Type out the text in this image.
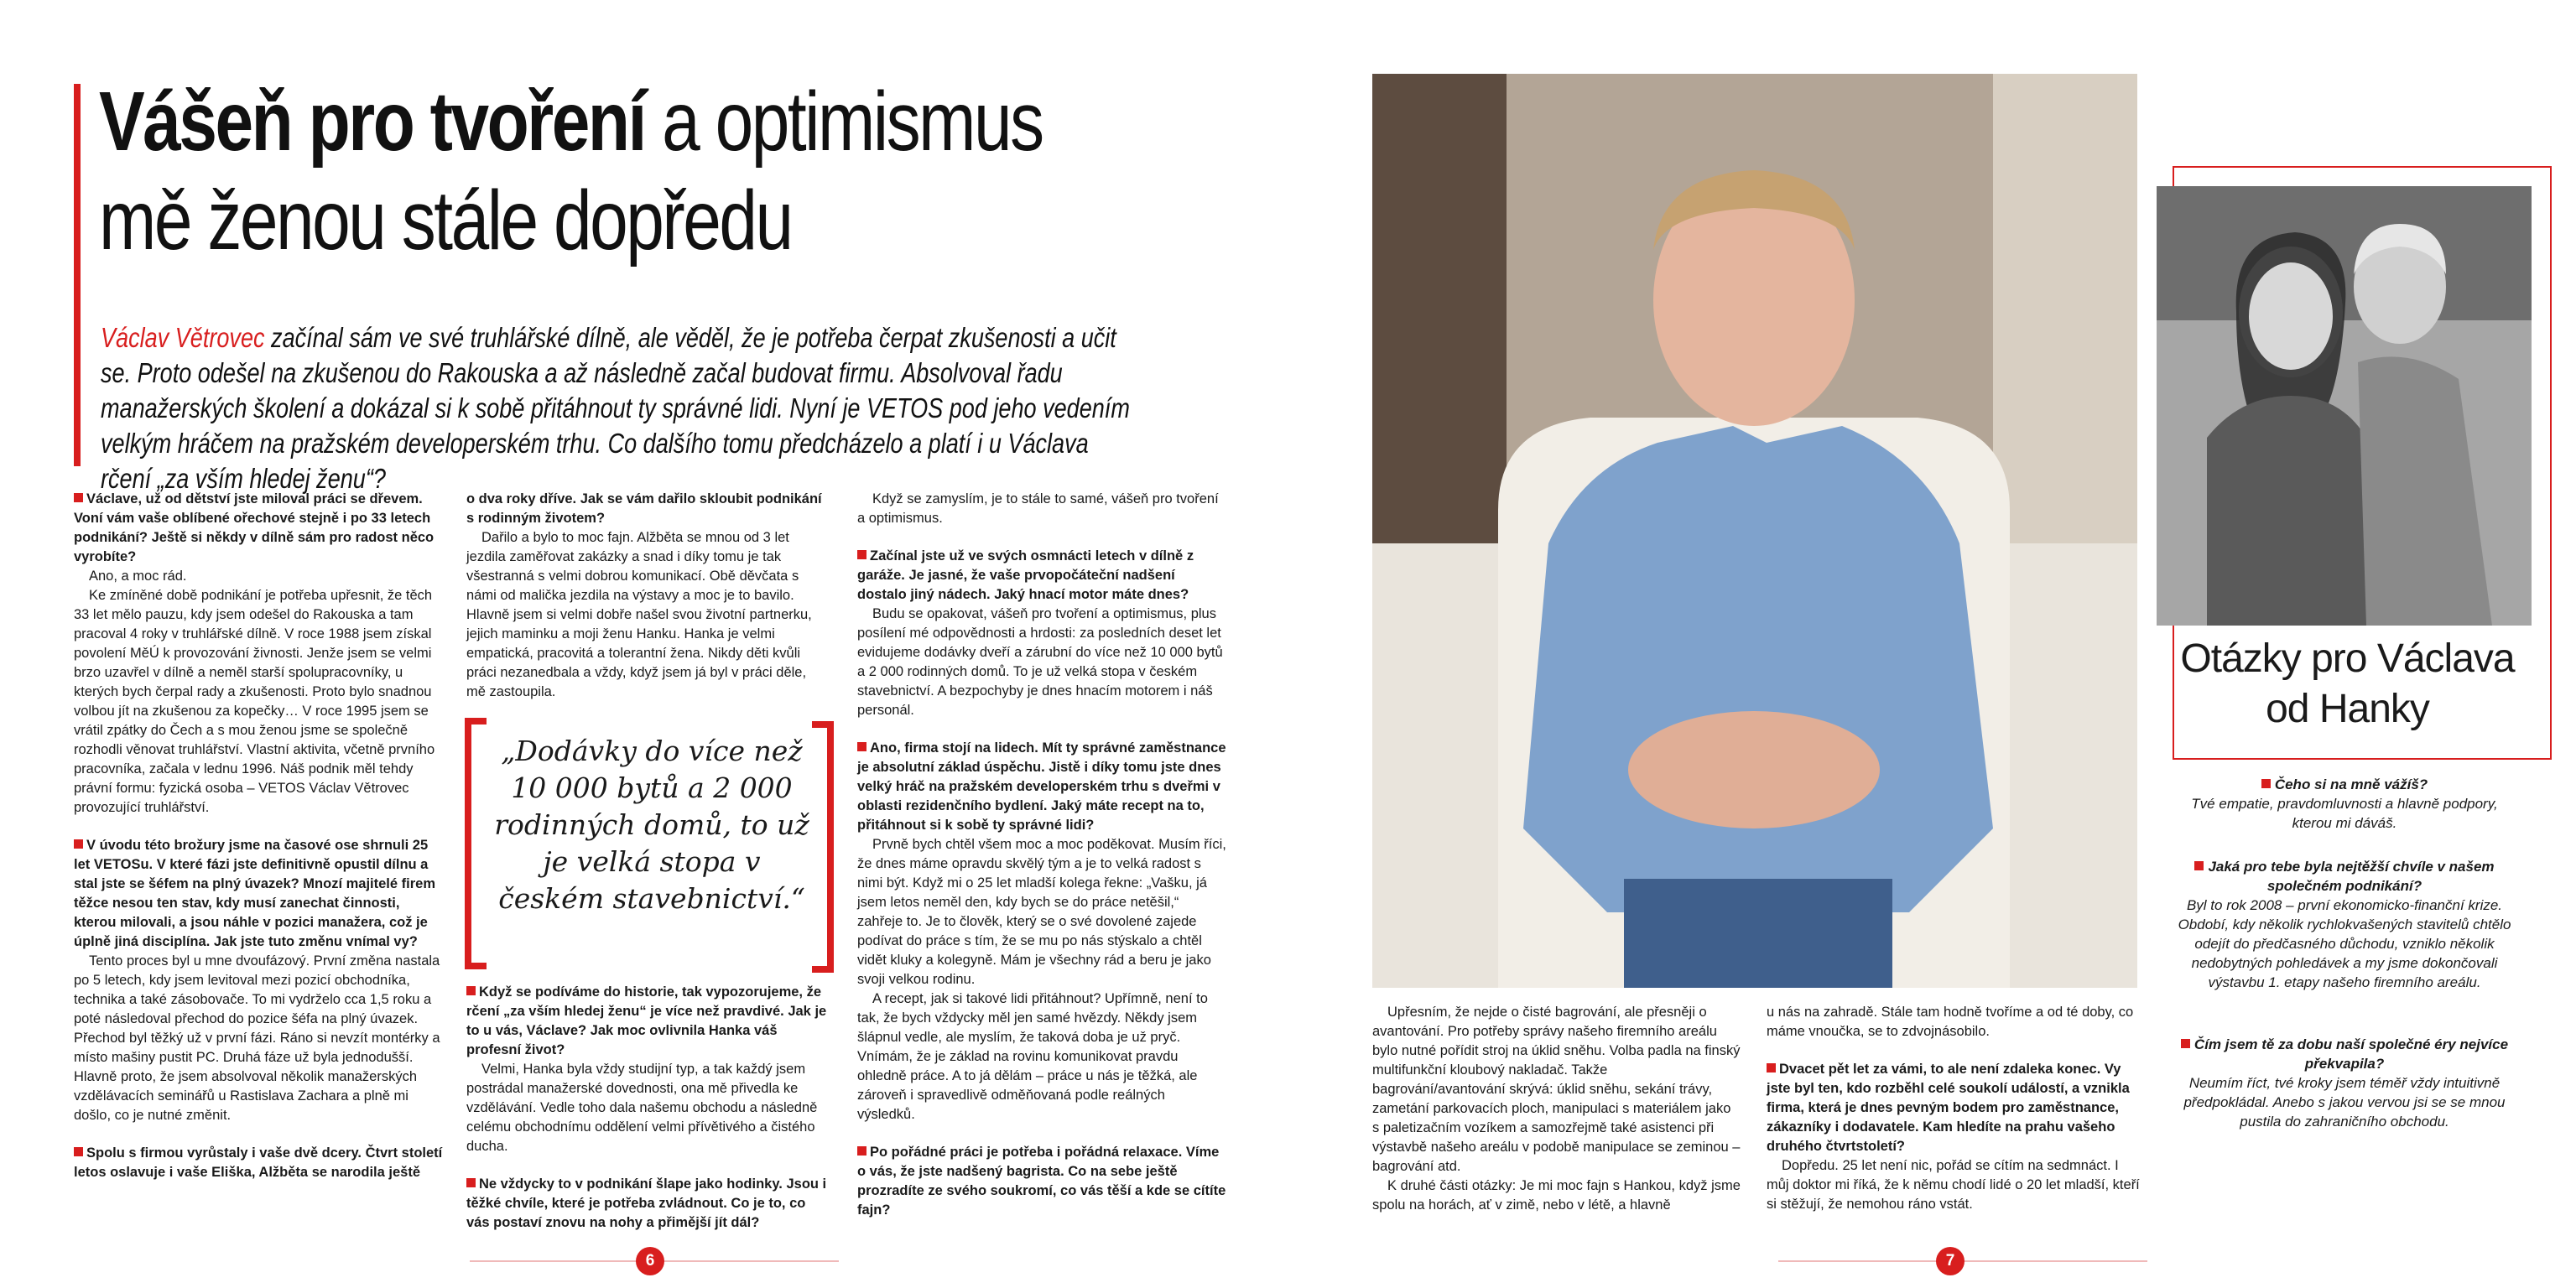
Vášeň pro tvoření a optimismus
mě ženou stále dopředu
Václav Větrovec začínal sám ve své truhlářské dílně, ale věděl, že je potřeba čerpat zkušenosti a učit se. Proto odešel na zkušenou do Rakouska a až následně začal budovat firmu. Absolvoval řadu manažerských školení a dokázal si k sobě přitáhnout ty správné lidi. Nyní je VETOS pod jeho vedením velkým hráčem na pražském developerském trhu. Co dalšího tomu předcházelo a platí i u Václava rčení „za vším hledej ženu“?

Václave, už od dětství jste miloval práci se dřevem. Voní vám vaše oblíbené ořechové stejně i po 33 letech podnikání? Ještě si někdy v dílně sám pro radost něco vyrobíte?

Ano, a moc rád.

Ke zmíněné době podnikání je potřeba upřesnit, že těch 33 let mělo pauzu, kdy jsem odešel do Rakouska a tam pracoval 4 roky v truhlářské dílně. V roce 1988 jsem získal povolení MěÚ k provozování živnosti. Jenže jsem se velmi brzo uzavřel v dílně a neměl starší spolupracovníky, u kterých bych čerpal rady a zkušenosti. Proto bylo snadnou volbou jít na zkušenou za kopečky… V roce 1995 jsem se vrátil zpátky do Čech a s mou ženou jsme se společně rozhodli věnovat truhlářství. Vlastní aktivita, včetně prvního pracovníka, začala v lednu 1996. Náš podnik měl tehdy právní formu: fyzická osoba – VETOS Václav Větrovec provozující truhlářství.

V úvodu této brožury jsme na časové ose shrnuli 25 let VETOSu. V které fázi jste definitivně opustil dílnu a stal jste se šéfem na plný úvazek? Mnozí majitelé firem těžce nesou ten stav, kdy musí zanechat činnosti, kterou milovali, a jsou náhle v pozici manažera, což je úplně jiná disciplína. Jak jste tuto změnu vnímal vy?

Tento proces byl u mne dvoufázový. První změna nastala po 5 letech, kdy jsem levitoval mezi pozicí obchodníka, technika a také zásobovače. To mi vydrželo cca 1,5 roku a poté následoval přechod do pozice šéfa na plný úvazek. Přechod byl těžký už v první fázi. Ráno si nevzít montérky a místo mašiny pustit PC. Druhá fáze už byla jednodušší. Hlavně proto, že jsem absolvoval několik manažerských vzdělávacích seminářů u Rastislava Zachara a plně mi došlo, co je nutné změnit.

Spolu s firmou vyrůstaly i vaše dvě dcery. Čtvrt století letos oslavuje i vaše Eliška, Alžběta se narodila ještě

o dva roky dříve. Jak se vám dařilo skloubit podnikání s rodinným životem?

Dařilo a bylo to moc fajn. Alžběta se mnou od 3 let jezdila zaměřovat zakázky a snad i díky tomu je tak všestranná s velmi dobrou komunikací. Obě děvčata s námi od malička jezdila na výstavy a moc je to bavilo. Hlavně jsem si velmi dobře našel svou životní partnerku, jejich maminku a moji ženu Hanku. Hanka je velmi empatická, pracovitá a tolerantní žena. Nikdy děti kvůli práci nezanedbala a vždy, když jsem já byl v práci děle, mě zastoupila.

„Dodávky do více než 10 000 bytů a 2 000 rodinných domů, to už je velká stopa v českém stavebnictví.“

Když se podíváme do historie, tak vypozorujeme, že rčení „za vším hledej ženu“ je více než pravdivé. Jak je to u vás, Václave? Jak moc ovlivnila Hanka váš profesní život?

Velmi, Hanka byla vždy studijní typ, a tak každý jsem postrádal manažerské dovednosti, ona mě přivedla ke vzdělávání. Vedle toho dala našemu obchodu a následně celému obchodnímu oddělení velmi přívětivého a čistého ducha.

Ne vždycky to v podnikání šlape jako hodinky. Jsou i těžké chvíle, které je potřeba zvládnout. Co je to, co vás postaví znovu na nohy a přimější jít dál?

Když se zamyslím, je to stále to samé, vášeň pro tvoření a optimismus.

Začínal jste už ve svých osmnácti letech v dílně z garáže. Je jasné, že vaše prvopočáteční nadšení dostalo jiný nádech. Jaký hnací motor máte dnes?

Budu se opakovat, vášeň pro tvoření a optimismus, plus posílení mé odpovědnosti a hrdosti: za posledních deset let evidujeme dodávky dveří a zárubní do více než 10 000 bytů a 2 000 rodinných domů. To je už velká stopa v českém stavebnictví. A bezpochyby je dnes hnacím motorem i náš personál.

Ano, firma stojí na lidech. Mít ty správné zaměstnance je absolutní základ úspěchu. Jistě i díky tomu jste dnes velký hráč na pražském developerském trhu s dveřmi v oblasti rezidenčního bydlení. Jaký máte recept na to, přitáhnout si k sobě ty správné lidi?

Prvně bych chtěl všem moc a moc poděkovat. Musím říci, že dnes máme opravdu skvělý tým a je to velká radost s nimi být. Když mi o 25 let mladší kolega řekne: „Vašku, já jsem letos neměl den, kdy bych se do práce netěšil,“ zahřeje to. Je to člověk, který se o své dovolené zajede podívat do práce s tím, že se mu po nás stýskalo a chtěl vidět kluky a kolegyně. Mám je všechny rád a beru je jako svoji velkou rodinu.

A recept, jak si takové lidi přitáhnout? Upřímně, není to tak, že bych vždycky měl jen samé hvězdy. Někdy jsem šlápnul vedle, ale myslím, že taková doba je už pryč. Vnímám, že je základ na rovinu komunikovat pravdu ohledně práce. A to já dělám – práce u nás je těžká, ale zároveň i spravedlivě odměňovaná podle reálných výsledků.

Po pořádné práci je potřeba i pořádná relaxace. Víme o vás, že jste nadšený bagrista. Co na sebe ještě prozradíte ze svého soukromí, co vás těší a kde se cítíte fajn?

6
Otázky pro Václava
od Hanky
Čeho si na mně vážíš?
Tvé empatie, pravdomluvnosti a hlavně podpory, kterou mi dáváš.
Jaká pro tebe byla nejtěžší chvíle v našem společném podnikání?
Byl to rok 2008 – první ekonomicko-finanční krize. Období, kdy několik rychlokvašených stavitelů chtělo odejít do předčasného důchodu, vzniklo několik nedobytných pohledávek a my jsme dokončovali výstavbu 1. etapy našeho firemního areálu.
Čím jsem tě za dobu naší společné éry nejvíce překvapila?
Neumím říct, tvé kroky jsem téměř vždy intuitivně předpokládal. Anebo s jakou vervou jsi se se mnou pustila do zahraničního obchodu.

Upřesním, že nejde o čisté bagrování, ale přesněji o avantování. Pro potřeby správy našeho firemního areálu bylo nutné pořídit stroj na úklid sněhu. Volba padla na finský multifunkční kloubový nakladač. Takže bagrování/avantování skrývá: úklid sněhu, sekání trávy, zametání parkovacích ploch, manipulaci s materiálem jako s paletizačním vozíkem a samozřejmě také asistenci při výstavbě našeho areálu v podobě manipulace se zeminou – bagrování atd.

K druhé části otázky: Je mi moc fajn s Hankou, když jsme spolu na horách, ať v zimě, nebo v létě, a hlavně

u nás na zahradě. Stále tam hodně tvoříme a od té doby, co máme vnoučka, se to zdvojnásobilo.

Dvacet pět let za vámi, to ale není zdaleka konec. Vy jste byl ten, kdo rozběhl celé soukolí událostí, a vznikla firma, která je dnes pevným bodem pro zaměstnance, zákazníky i dodavatele. Kam hledíte na prahu vašeho druhého čtvrtstoletí?

Dopředu. 25 let není nic, pořád se cítím na sedmnáct. I můj doktor mi říká, že k němu chodí lidé o 20 let mladší, kteří si stěžují, že nemohou ráno vstát.

7
